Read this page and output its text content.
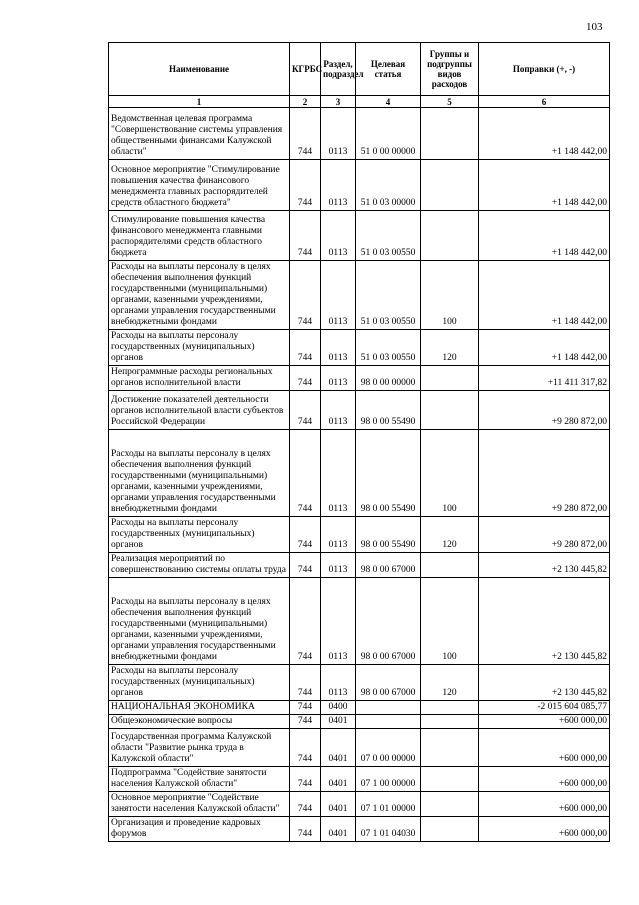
103
Наименование	КГРБС	Раздел, подраздел	Целевая статья	Группы и подгруппы видов расходов	Поправки (+, -)
1	2	3	4	5	6
Ведомственная целевая программа "Совершенствование системы управления общественными финансами Калужской области"	744	0113	51 0 00 00000		+1 148 442,00
Основное мероприятие "Стимулирование повышения качества финансового менеджмента главных распорядителей средств областного бюджета"	744	0113	51 0 03 00000		+1 148 442,00
Стимулирование повышения качества финансового менеджмента главными распорядителями средств областного бюджета	744	0113	51 0 03 00550		+1 148 442,00
Расходы на выплаты персоналу в целях обеспечения выполнения функций государственными (муниципальными) органами, казенными учреждениями, органами управления государственными внебюджетными фондами	744	0113	51 0 03 00550	100	+1 148 442,00
Расходы на выплаты персоналу государственных (муниципальных) органов	744	0113	51 0 03 00550	120	+1 148 442,00
Непрограммные расходы региональных органов исполнительной власти	744	0113	98 0 00 00000		+11 411 317,82
Достижение показателей деятельности органов исполнительной власти субъектов Российской Федерации	744	0113	98 0 00 55490		+9 280 872,00
Расходы на выплаты персоналу в целях обеспечения выполнения функций государственными (муниципальными) органами, казенными учреждениями, органами управления государственными внебюджетными фондами	744	0113	98 0 00 55490	100	+9 280 872,00
Расходы на выплаты персоналу государственных (муниципальных) органов	744	0113	98 0 00 55490	120	+9 280 872,00
Реализация мероприятий по совершенствованию системы оплаты труда	744	0113	98 0 00 67000		+2 130 445,82
Расходы на выплаты персоналу в целях обеспечения выполнения функций государственными (муниципальными) органами, казенными учреждениями, органами управления государственными внебюджетными фондами	744	0113	98 0 00 67000	100	+2 130 445,82
Расходы на выплаты персоналу государственных (муниципальных) органов	744	0113	98 0 00 67000	120	+2 130 445,82
НАЦИОНАЛЬНАЯ ЭКОНОМИКА	744	0400			-2 015 604 085,77
Общеэкономические вопросы	744	0401			+600 000,00
Государственная программа Калужской области "Развитие рынка труда в Калужской области"	744	0401	07 0 00 00000		+600 000,00
Подпрограмма "Содействие занятости населения Калужской области"	744	0401	07 1 00 00000		+600 000,00
Основное мероприятие "Содействие занятости населения Калужской области"	744	0401	07 1 01 00000		+600 000,00
Организация и проведение кадровых форумов	744	0401	07 1 01 04030		+600 000,00
